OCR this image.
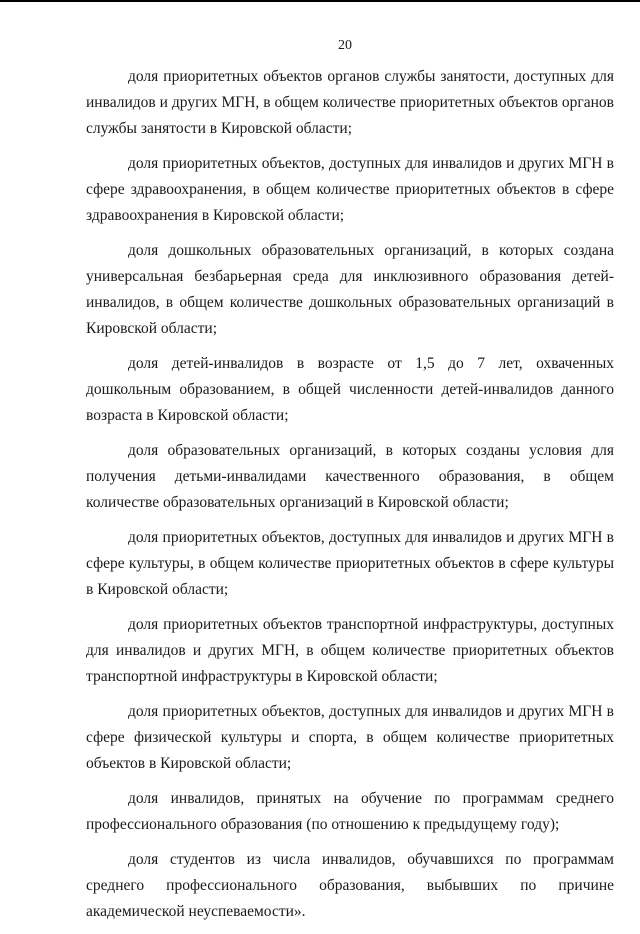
20

доля приоритетных объектов органов службы занятости, доступных для инвалидов и других МГН, в общем количестве приоритетных объектов органов службы занятости в Кировской области;

доля приоритетных объектов, доступных для инвалидов и других МГН в сфере здравоохранения, в общем количестве приоритетных объектов в сфере здравоохранения в Кировской области;

доля дошкольных образовательных организаций, в которых создана универсальная безбарьерная среда для инклюзивного образования детей-инвалидов, в общем количестве дошкольных образовательных организаций в Кировской области;

доля детей-инвалидов в возрасте от 1,5 до 7 лет, охваченных дошкольным образованием, в общей численности детей-инвалидов данного возраста в Кировской области;

доля образовательных организаций, в которых созданы условия для получения детьми-инвалидами качественного образования, в общем количестве образовательных организаций в Кировской области;

доля приоритетных объектов, доступных для инвалидов и других МГН в сфере культуры, в общем количестве приоритетных объектов в сфере культуры в Кировской области;

доля приоритетных объектов транспортной инфраструктуры, доступных для инвалидов и других МГН, в общем количестве приоритетных объектов транспортной инфраструктуры в Кировской области;

доля приоритетных объектов, доступных для инвалидов и других МГН в сфере физической культуры и спорта, в общем количестве приоритетных объектов в Кировской области;

доля инвалидов, принятых на обучение по программам среднего профессионального образования (по отношению к предыдущему году);

доля студентов из числа инвалидов, обучавшихся по программам среднего профессионального образования, выбывших по причине академической неуспеваемости».
